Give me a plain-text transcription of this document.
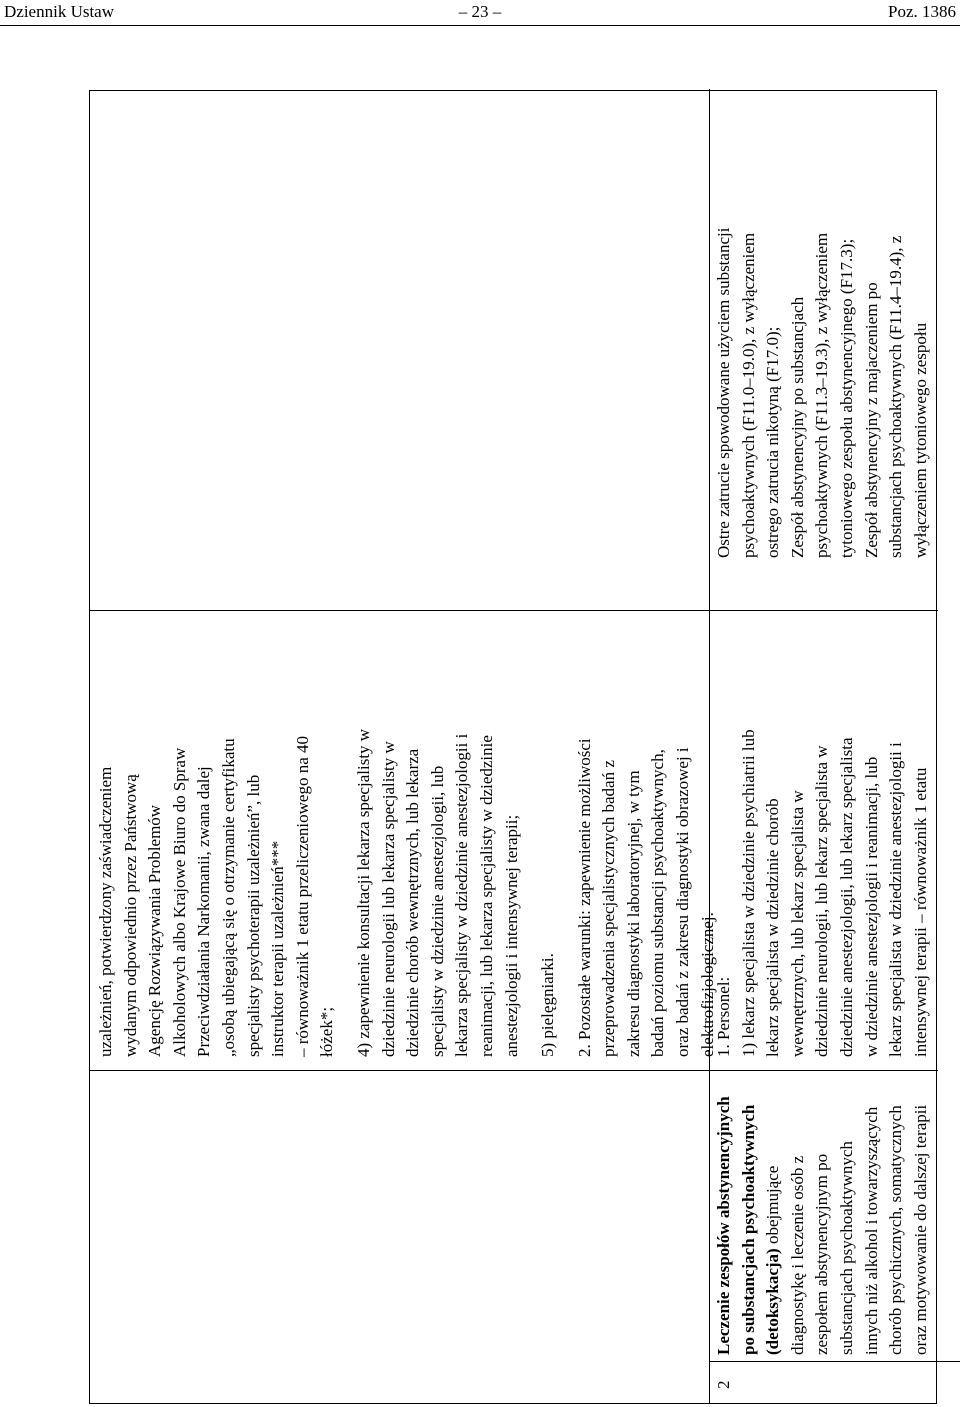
Dziennik Ustaw	– 23 –	Poz. 1386

uzależnień, potwierdzony zaświadczeniem wydanym odpowiednio przez Państwową Agencję Rozwiązywania Problemów Alkoholowych albo Krajowe Biuro do Spraw Przeciwdziałania Narkomanii, zwana dalej „osobą ubiegającą się o otrzymanie certyfikatu specjalisty psychoterapii uzależnień”, lub instruktor terapii uzależnień*** – równoważnik 1 etatu przeliczeniowego na 40 łóżek*; 4) zapewnienie konsultacji lekarza specjalisty w dziedzinie neurologii lub lekarza specjalisty w dziedzinie chorób wewnętrznych, lub lekarza specjalisty w dziedzinie anestezjologii, lub lekarza specjalisty w dziedzinie anestezjologii i reanimacji, lub lekarza specjalisty w dziedzinie anestezjologii i intensywnej terapii; 5) pielęgniarki. 2. Pozostałe warunki: zapewnienie możliwości przeprowadzenia specjalistycznych badań z zakresu diagnostyki laboratoryjnej, w tym badań poziomu substancji psychoaktywnych, oraz badań z zakresu diagnostyki obrazowej i elektrofizjologicznej.

2

Leczenie zespołów abstynencyjnych po substancjach psychoaktywnych (detoksykacja) obejmujące diagnostykę i leczenie osób z zespołem abstynencyjnym po substancjach psychoaktywnych innych niż alkohol i towarzyszących chorób psychicznych, somatycznych oraz motywowanie do dalszej terapii

1. Personel: 1) lekarz specjalista w dziedzinie psychiatrii lub lekarz specjalista w dziedzinie chorób wewnętrznych, lub lekarz specjalista w dziedzinie neurologii, lub lekarz specjalista w dziedzinie anestezjologii, lub lekarz specjalista w dziedzinie anestezjologii i reanimacji, lub lekarz specjalista w dziedzinie anestezjologii i intensywnej terapii – równoważnik 1 etatu

Ostre zatrucie spowodowane użyciem substancji psychoaktywnych (F11.0–19.0), z wyłączeniem ostrego zatrucia nikotyną (F17.0); Zespół abstynencyjny po substancjach psychoaktywnych (F11.3–19.3), z wyłączeniem tytoniowego zespołu abstynencyjnego (F17.3); Zespół abstynencyjny z majaczeniem po substancjach psychoaktywnych (F11.4–19.4), z wyłączeniem tytoniowego zespołu
